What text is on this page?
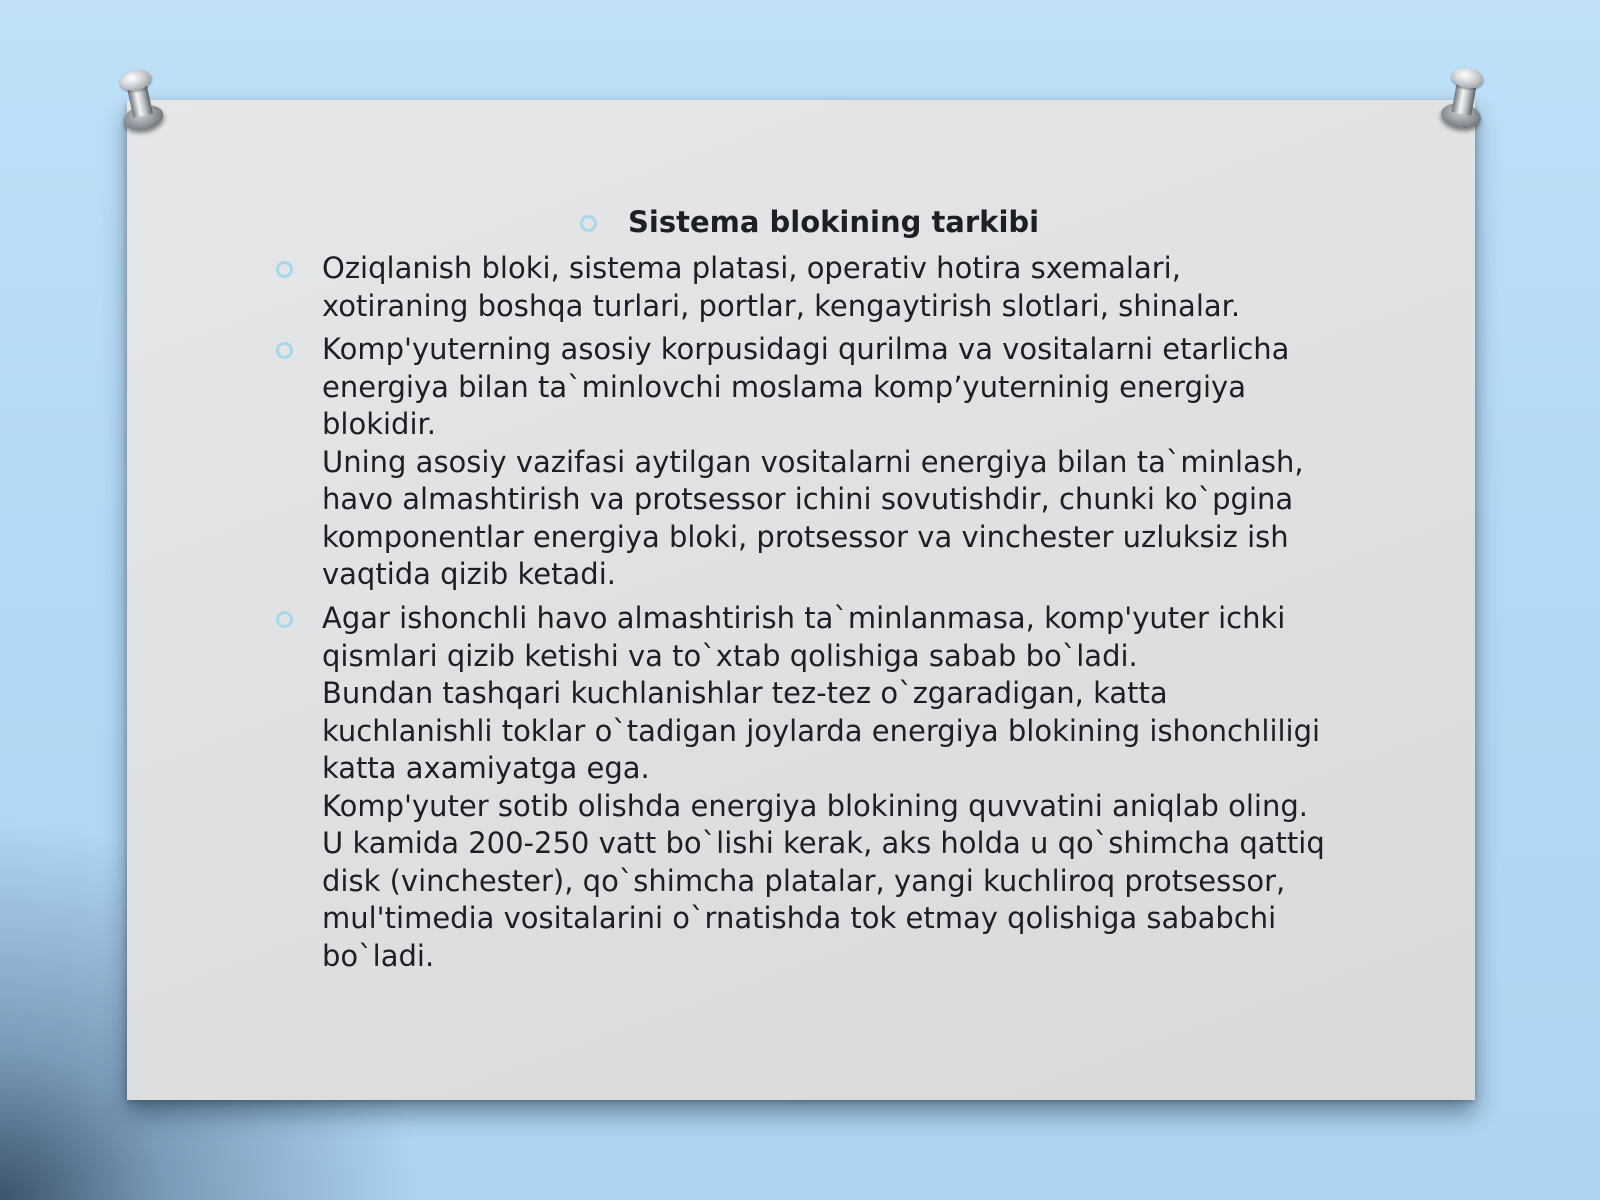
Sistema blokining tarkibi

Oziqlanish bloki, sistema platasi, operativ hotira sxemalari,

xotiraning boshqa turlari, portlar, kengaytirish slotlari, shinalar.

Komp'yuterning asosiy korpusidagi qurilma va vositalarni etarlicha

energiya bilan ta`minlovchi moslama komp’yuterninig energiya

blokidir.

Uning asosiy vazifasi aytilgan vositalarni energiya bilan ta`minlash,

havo almashtirish va protsessor ichini sovutishdir, chunki ko`pgina

komponentlar energiya bloki, protsessor va vinchester uzluksiz ish

vaqtida qizib ketadi.

Agar ishonchli havo almashtirish ta`minlanmasa, komp'yuter ichki

qismlari qizib ketishi va to`xtab qolishiga sabab bo`ladi.

Bundan tashqari kuchlanishlar tez-tez o`zgaradigan, katta

kuchlanishli toklar o`tadigan joylarda energiya blokining ishonchliligi

katta axamiyatga ega.

Komp'yuter sotib olishda energiya blokining quvvatini aniqlab oling.

U kamida 200-250 vatt bo`lishi kerak, aks holda u qo`shimcha qattiq

disk (vinchester), qo`shimcha platalar, yangi kuchliroq protsessor,

mul'timedia vositalarini o`rnatishda tok etmay qolishiga sababchi

bo`ladi.
